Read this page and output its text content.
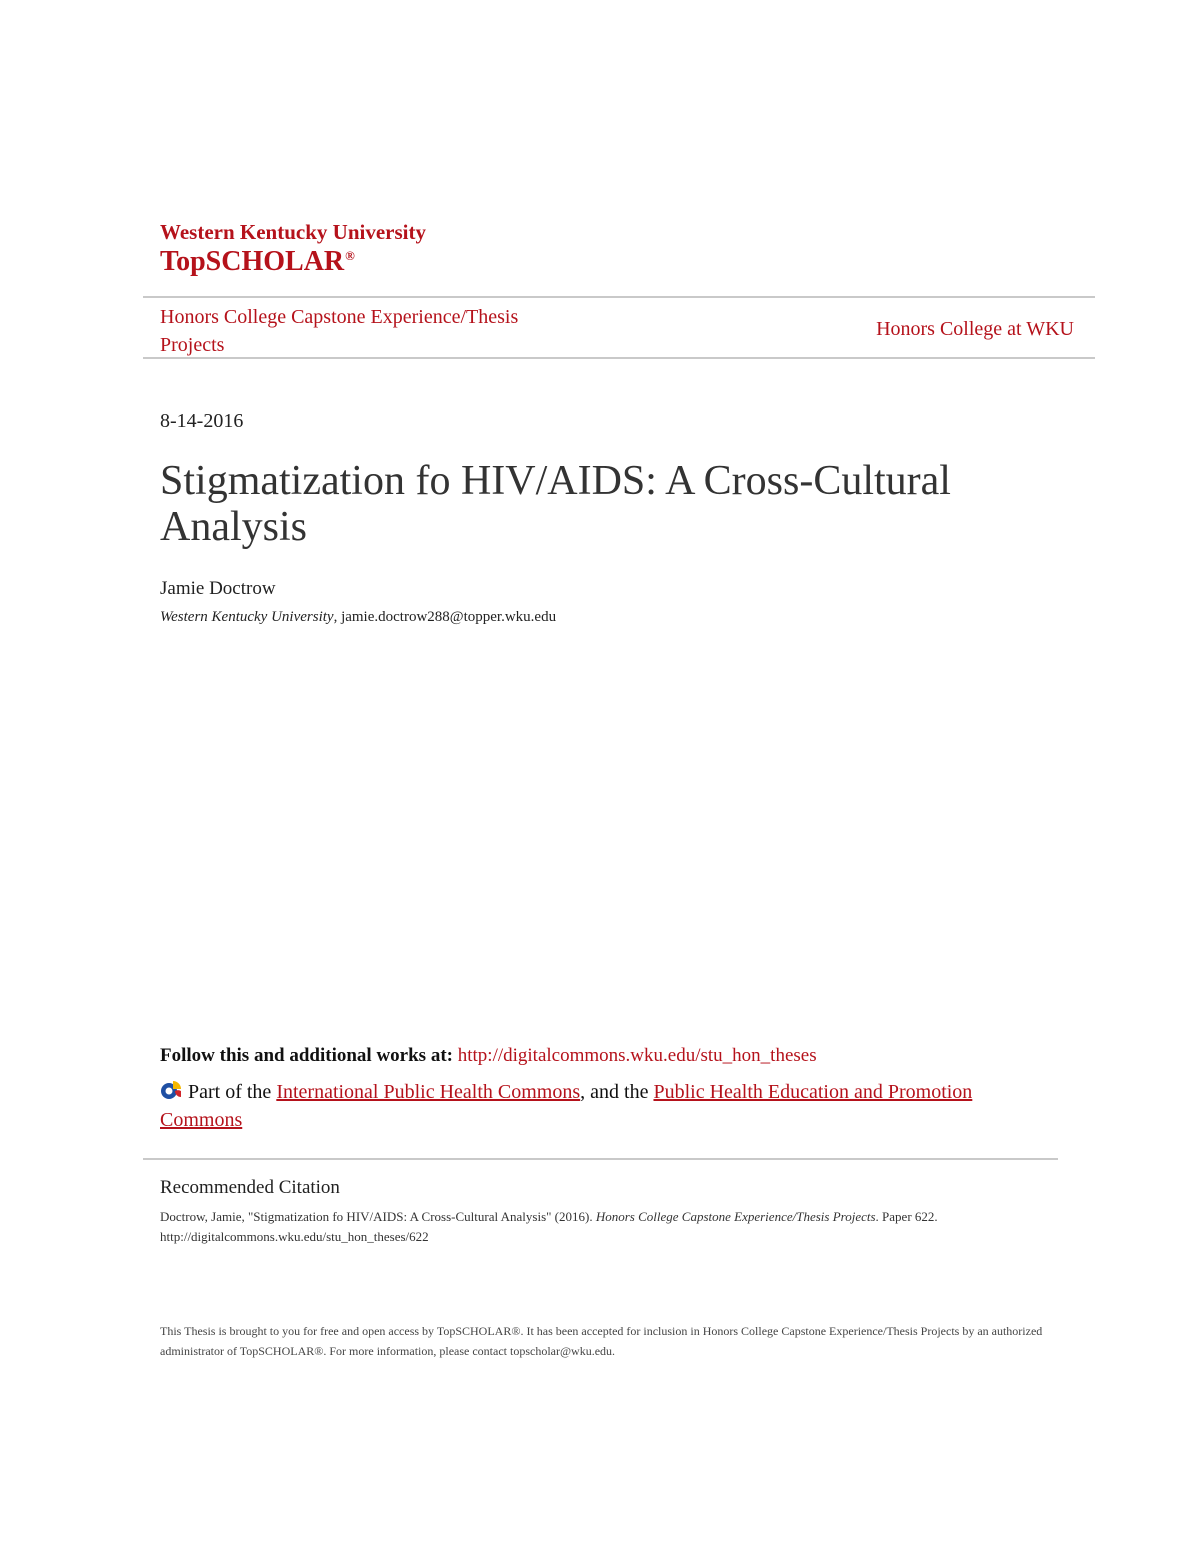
Western Kentucky University
TopSCHOLAR®
Honors College Capstone Experience/Thesis Projects
Honors College at WKU
8-14-2016
Stigmatization fo HIV/AIDS: A Cross-Cultural Analysis
Jamie Doctrow
Western Kentucky University, jamie.doctrow288@topper.wku.edu
Follow this and additional works at: http://digitalcommons.wku.edu/stu_hon_theses
Part of the International Public Health Commons, and the Public Health Education and Promotion Commons
Recommended Citation
Doctrow, Jamie, "Stigmatization fo HIV/AIDS: A Cross-Cultural Analysis" (2016). Honors College Capstone Experience/Thesis Projects. Paper 622.
http://digitalcommons.wku.edu/stu_hon_theses/622
This Thesis is brought to you for free and open access by TopSCHOLAR®. It has been accepted for inclusion in Honors College Capstone Experience/Thesis Projects by an authorized administrator of TopSCHOLAR®. For more information, please contact topscholar@wku.edu.
